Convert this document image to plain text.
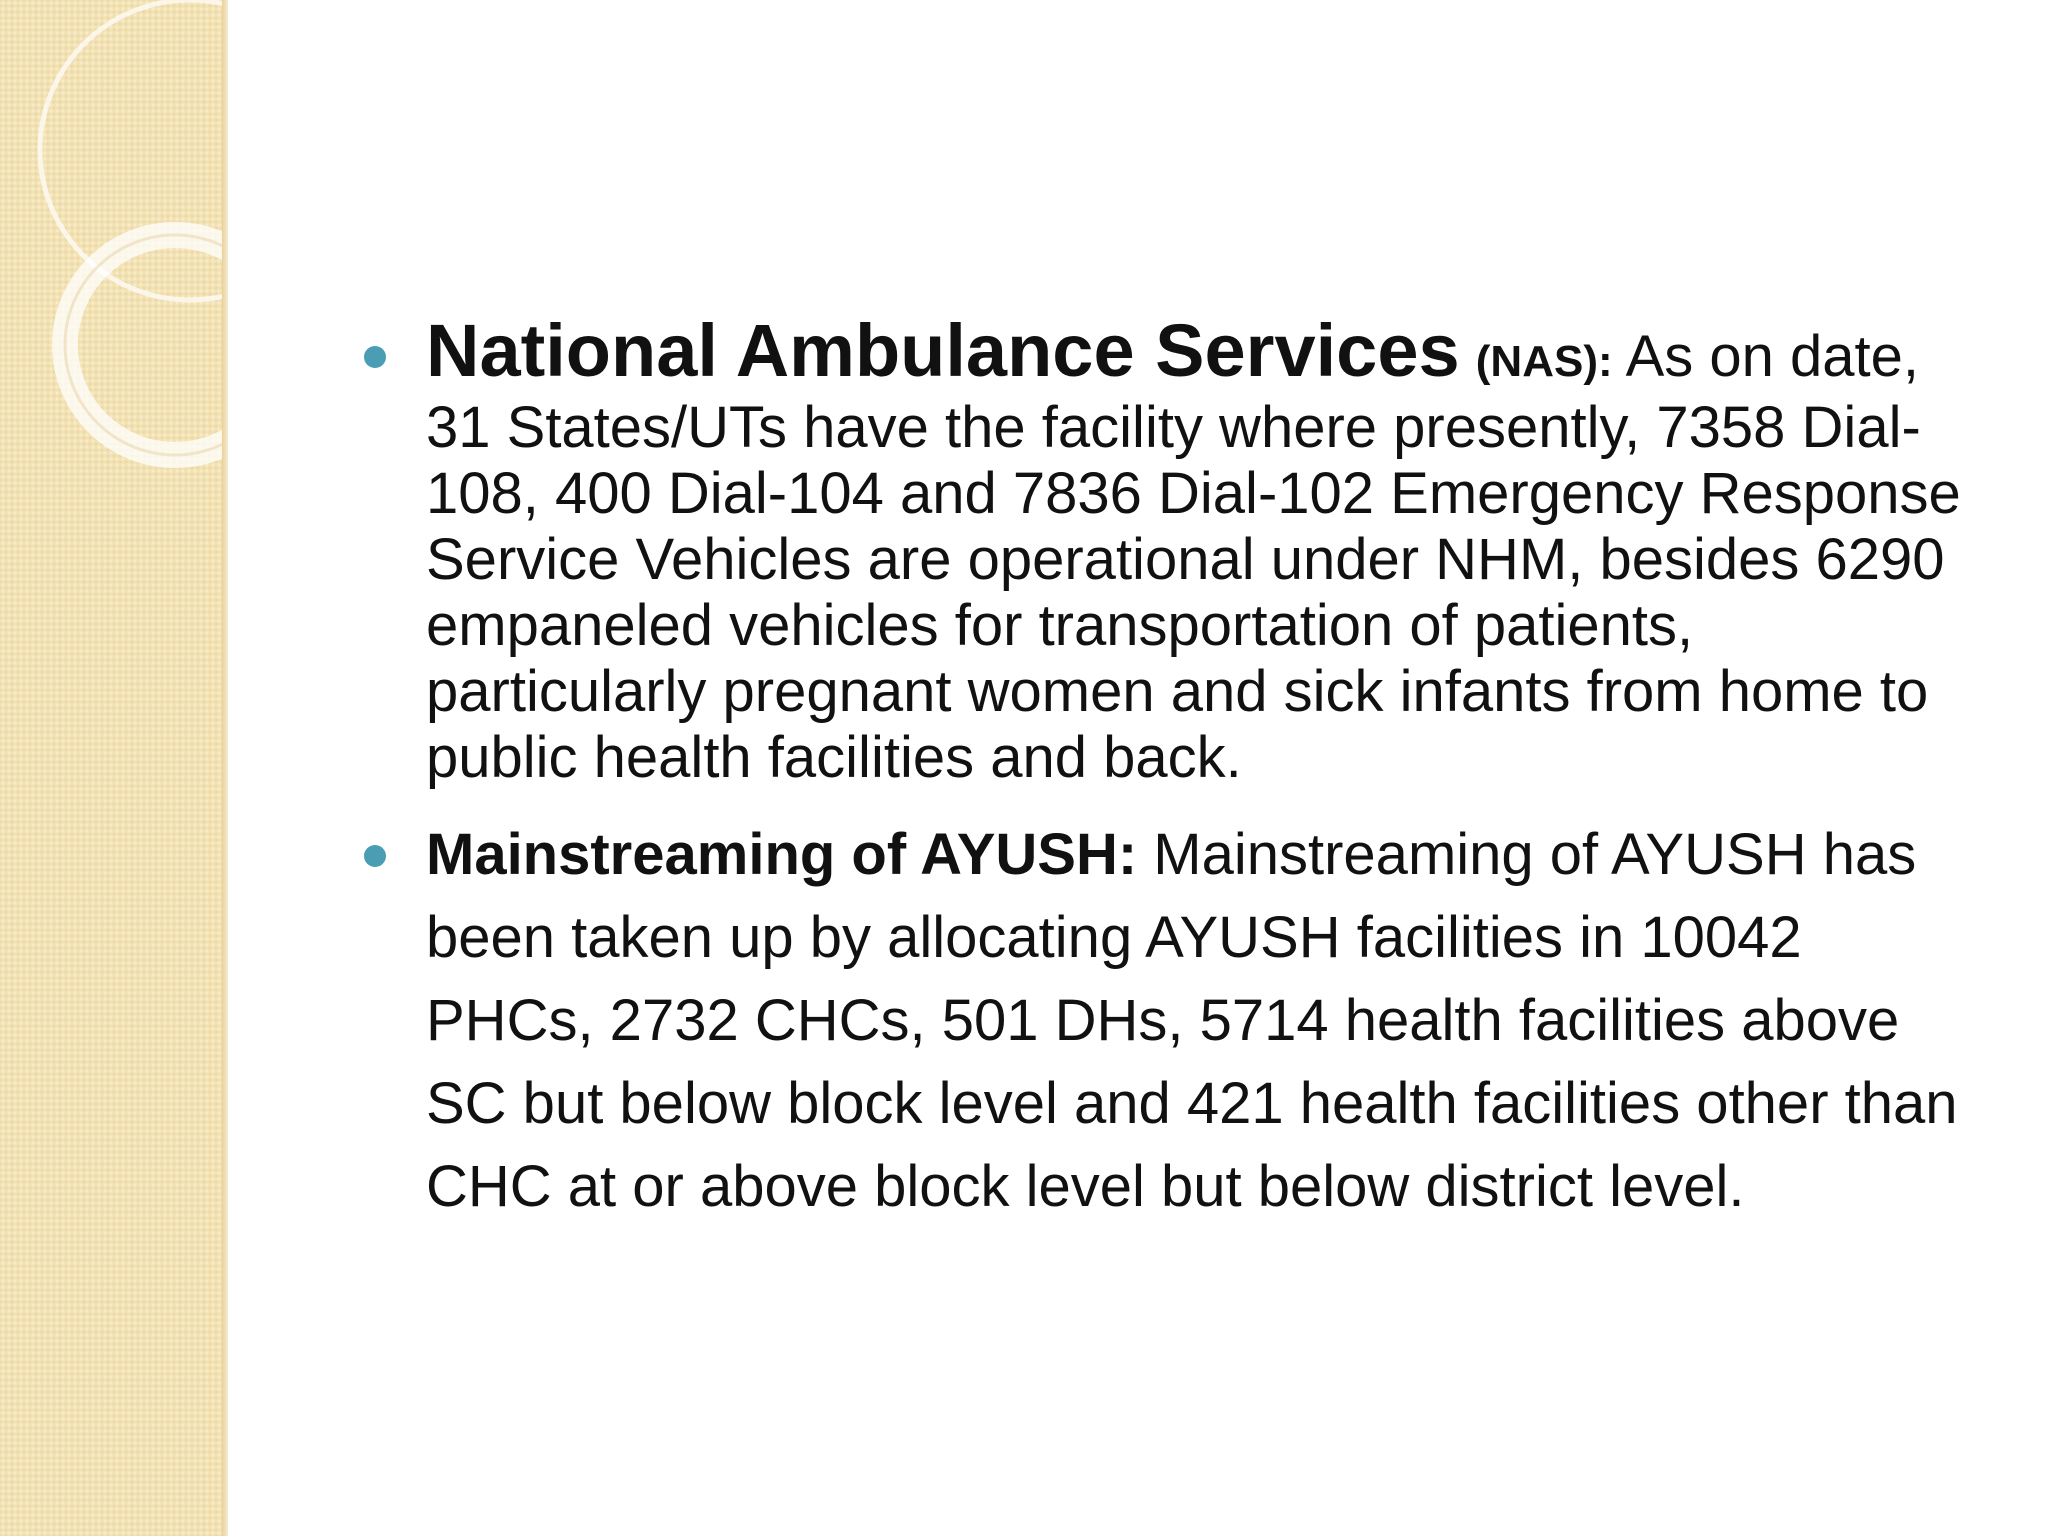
National Ambulance Services (NAS): As on date, 31 States/UTs have the facility where presently, 7358 Dial-108, 400 Dial-104 and 7836 Dial-102 Emergency Response Service Vehicles are operational under NHM, besides 6290 empaneled vehicles for transportation of patients, particularly pregnant women and sick infants from home to public health facilities and back.
Mainstreaming of AYUSH: Mainstreaming of AYUSH has been taken up by allocating AYUSH facilities in 10042 PHCs, 2732 CHCs, 501 DHs, 5714 health facilities above SC but below block level and 421 health facilities other than CHC at or above block level but below district level.
